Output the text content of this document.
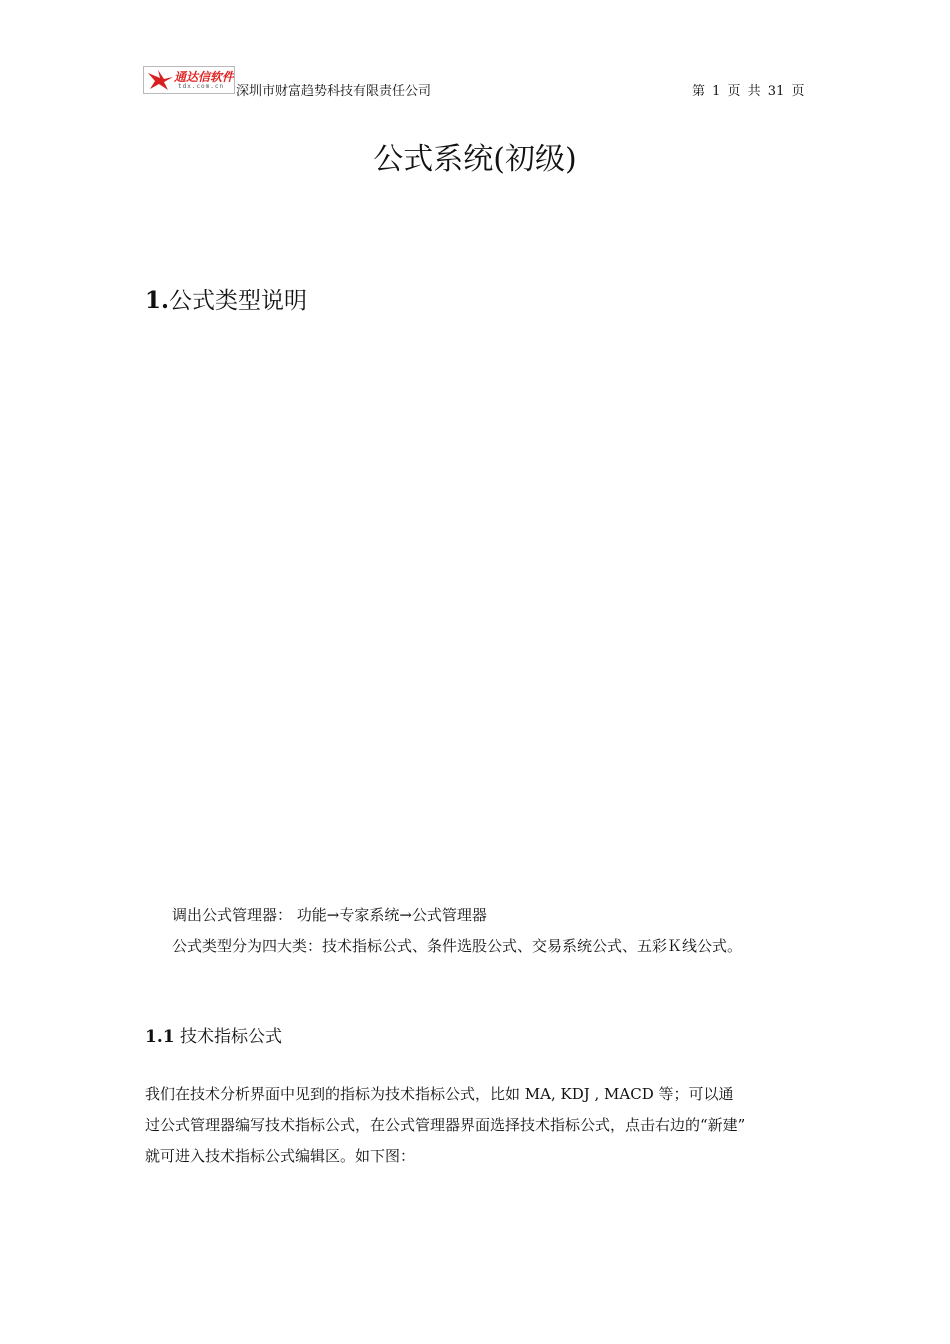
通达信软件
tdx.com.cn 深圳市财富趋势科技有限责任公司	第 1 页 共 31 页
公式系统(初级)
1.公式类型说明
调出公式管理器： 功能→专家系统→公式管理器
公式类型分为四大类：技术指标公式、条件选股公式、交易系统公式、五彩Ｋ线公式。
1.1 技术指标公式
我们在技术分析界面中见到的指标为技术指标公式，比如 MA, KDJ , MACD 等；可以通
过公式管理器编写技术指标公式，在公式管理器界面选择技术指标公式，点击右边的“新建”
就可进入技术指标公式编辑区。如下图：
